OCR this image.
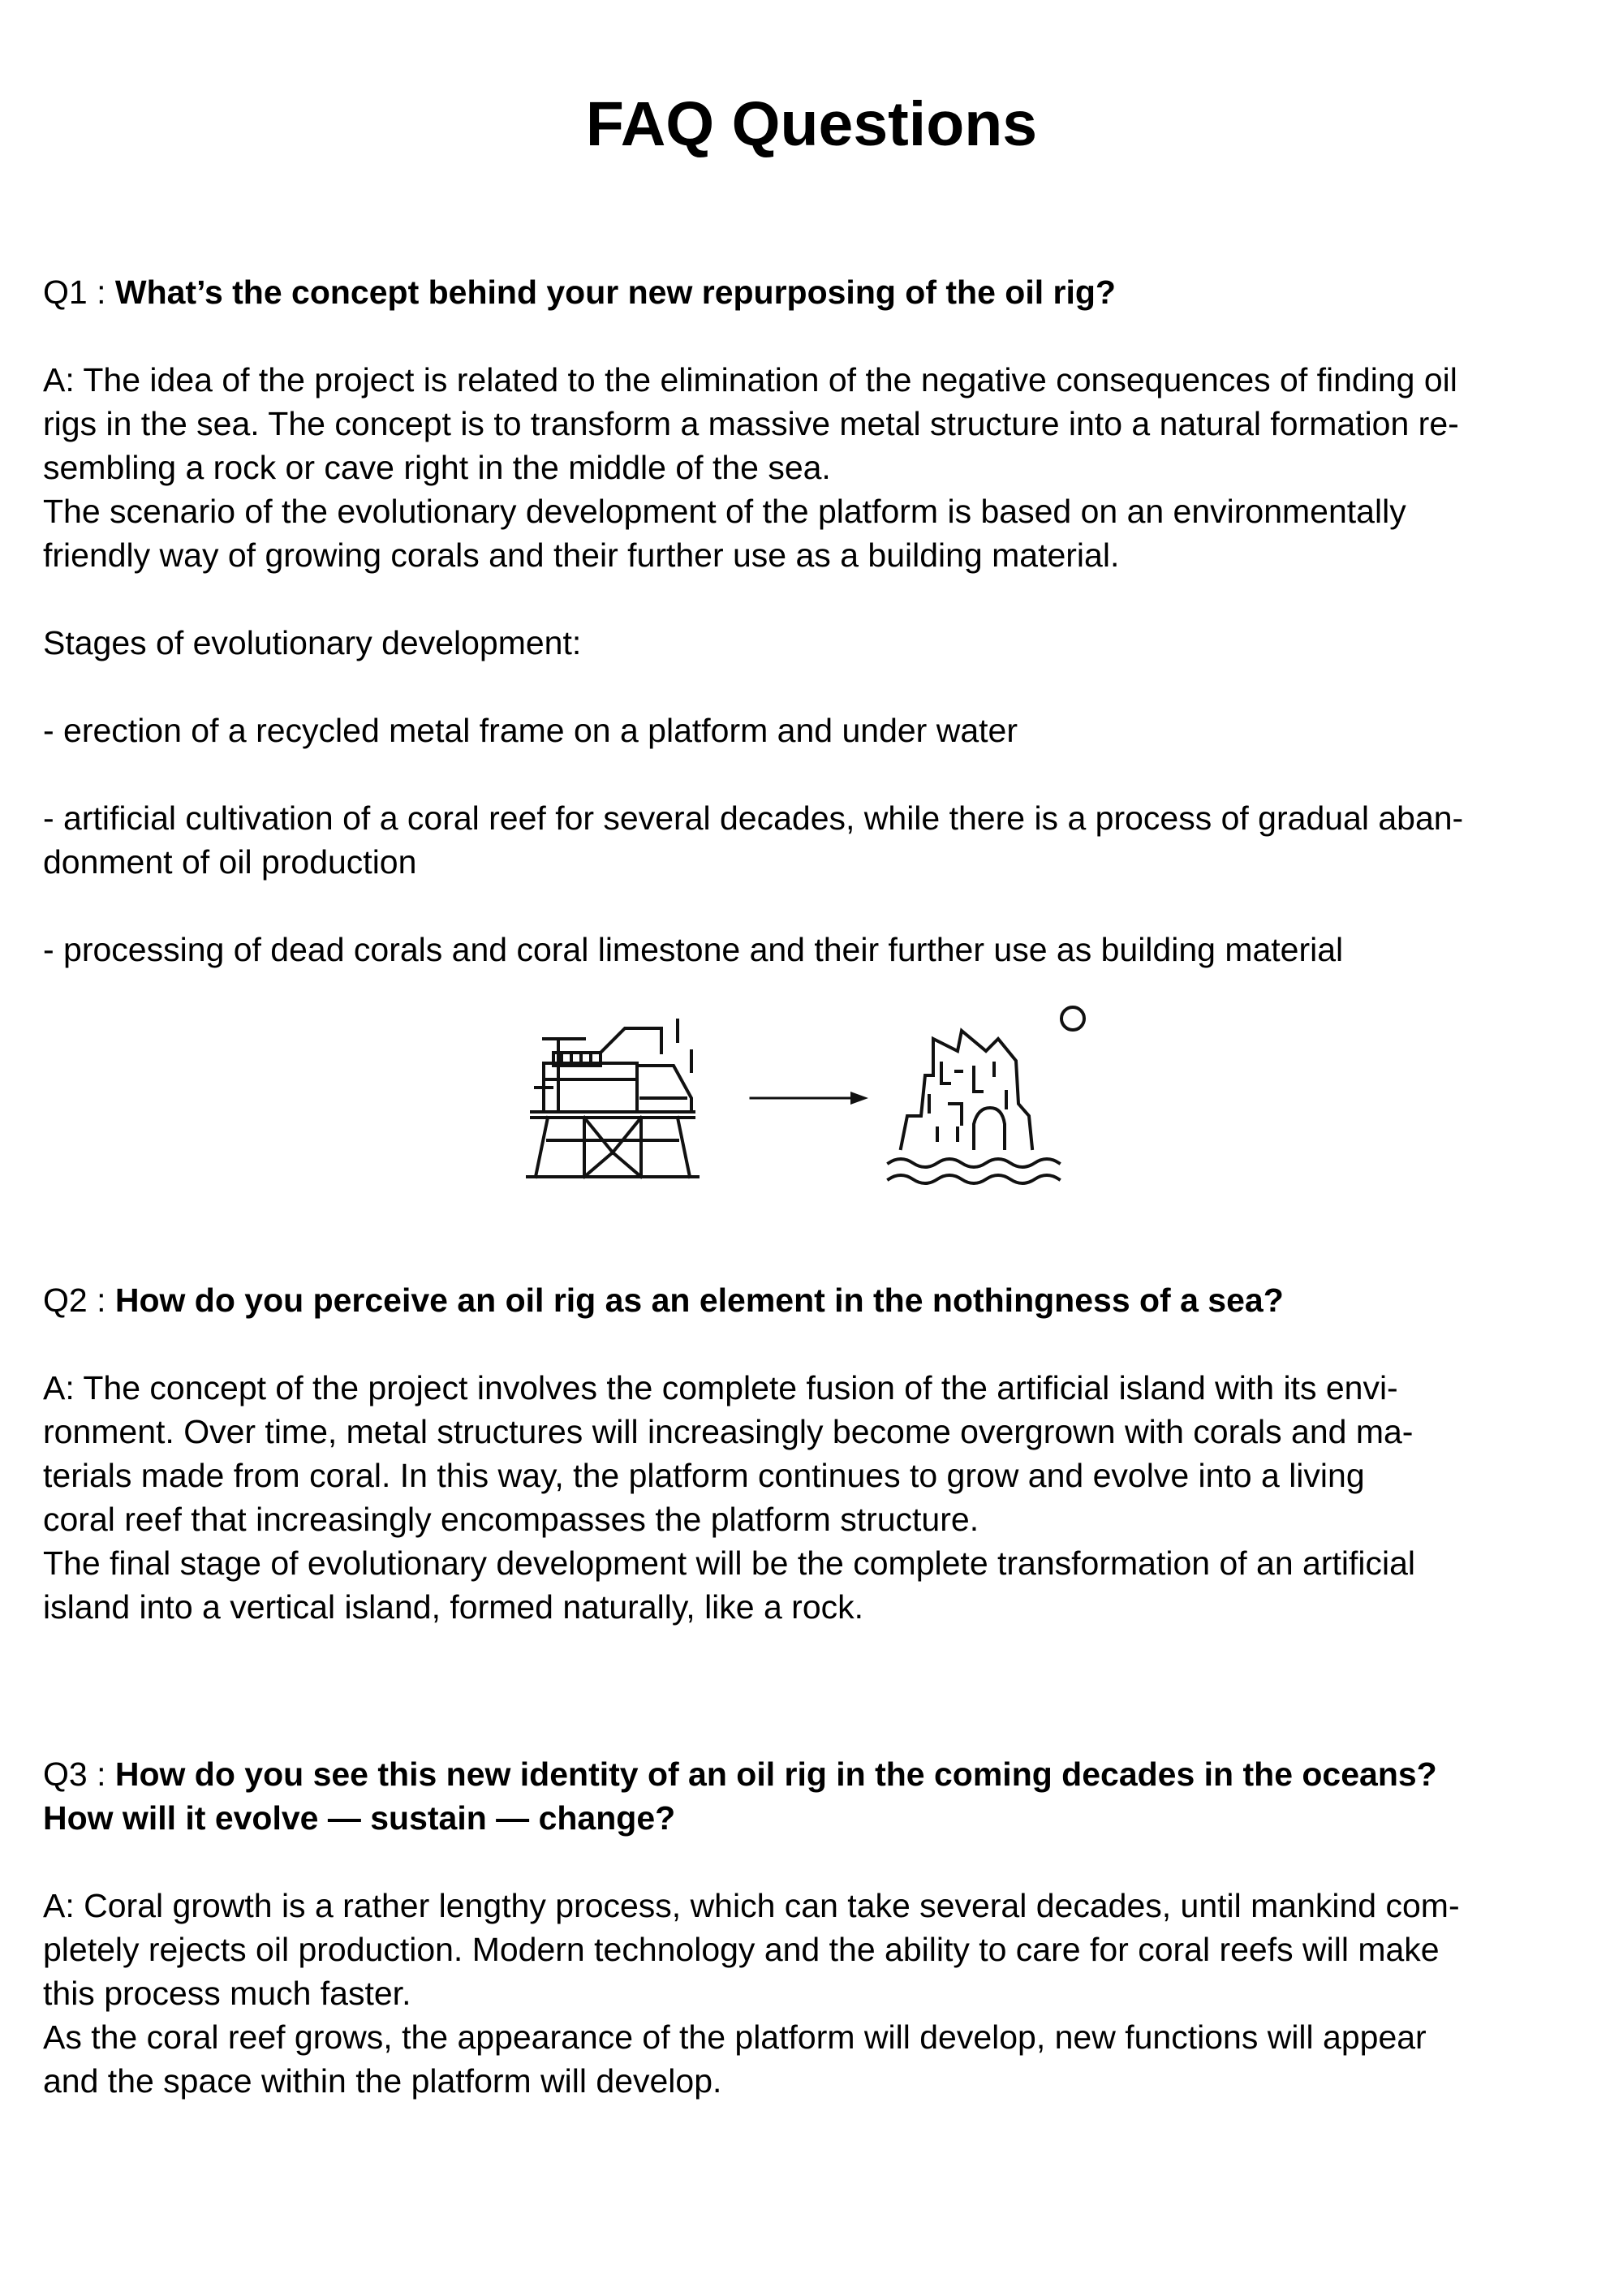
FAQ Questions

Q1 : What’s the concept behind your new repurposing of the oil rig?

A: The idea of the project is related to the elimination of the negative consequences of finding oil

rigs in the sea. The concept is to transform a massive metal structure into a natural formation re-

sembling a rock or cave right in the middle of the sea.

The scenario of the evolutionary development of the platform is based on an environmentally

friendly way of growing corals and their further use as a building material.

Stages of evolutionary development:

- erection of a recycled metal frame on a platform and under water

- artificial cultivation of a coral reef for several decades, while there is a process of gradual aban-

donment of oil production

- processing of dead corals and coral limestone and their further use as building material

Q2 : How do you perceive an oil rig as an element in the nothingness of a sea?

A: The concept of the project involves the complete fusion of the artificial island with its envi-

ronment. Over time, metal structures will increasingly become overgrown with corals and ma-

terials made from coral. In this way, the platform continues to grow and evolve into a living

coral reef that increasingly encompasses the platform structure.

The final stage of evolutionary development will be the complete transformation of an artificial

island into a vertical island, formed naturally, like a rock.

Q3 : How do you see this new identity of an oil rig in the coming decades in the oceans?

How will it evolve — sustain — change?

A: Coral growth is a rather lengthy process, which can take several decades, until mankind com-

pletely rejects oil production. Modern technology and the ability to care for coral reefs will make

this process much faster.

As the coral reef grows, the appearance of the platform will develop, new functions will appear

and the space within the platform will develop.
